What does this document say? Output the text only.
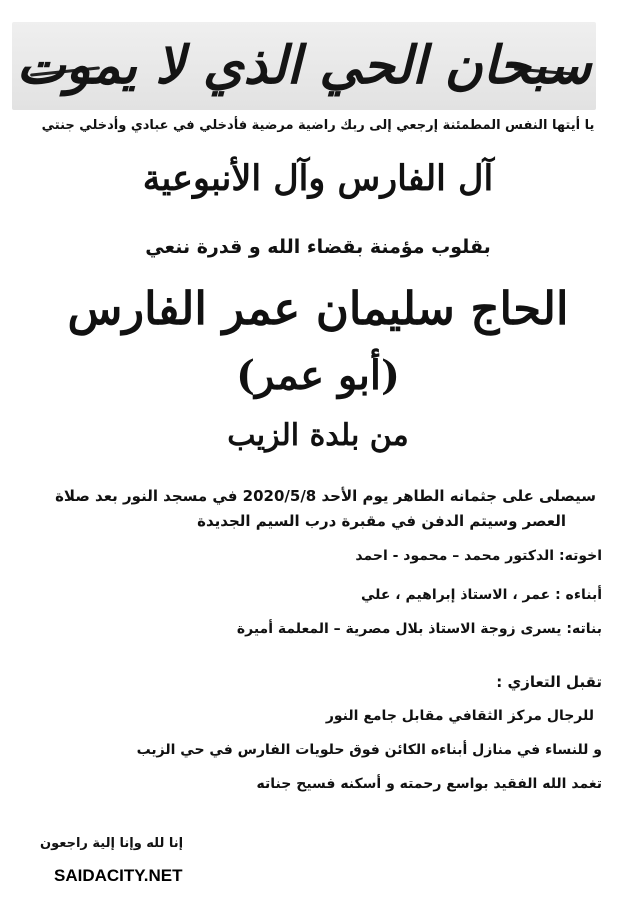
سبحان الحي الذي لا يموت
يا أيتها النفس المطمئنة إرجعي إلى ربك راضية مرضية فأدخلي في عبادي وأدخلي جنتي
آل الفارس وآل الأنبوعية
بقلوب مؤمنة بقضاء الله و قدرة ننعي
الحاج سليمان عمر الفارس
(أبو عمر)
من بلدة الزيب
سيصلى على جثمانه الطاهر يوم الأحد 2020/5/8 في مسجد النور بعد صلاة
العصر وسيتم الدفن في مقبرة درب السيم الجديدة
اخوته: الدكتور محمد – محمود - احمد
أبناءه : عمر ، الاستاذ إبراهيم ، علي
بناته: يسرى زوجة الاستاذ بلال مصرية – المعلمة أميرة
تقبل التعازي :
للرجال مركز الثقافي مقابل جامع النور
و للنساء في منازل أبناءه الكائن فوق حلويات الفارس في حي الزيب
تغمد الله الفقيد بواسع رحمته و أسكنه فسيح جناته
إنا لله وإنا إلية راجعون
SAIDACITY.NET
